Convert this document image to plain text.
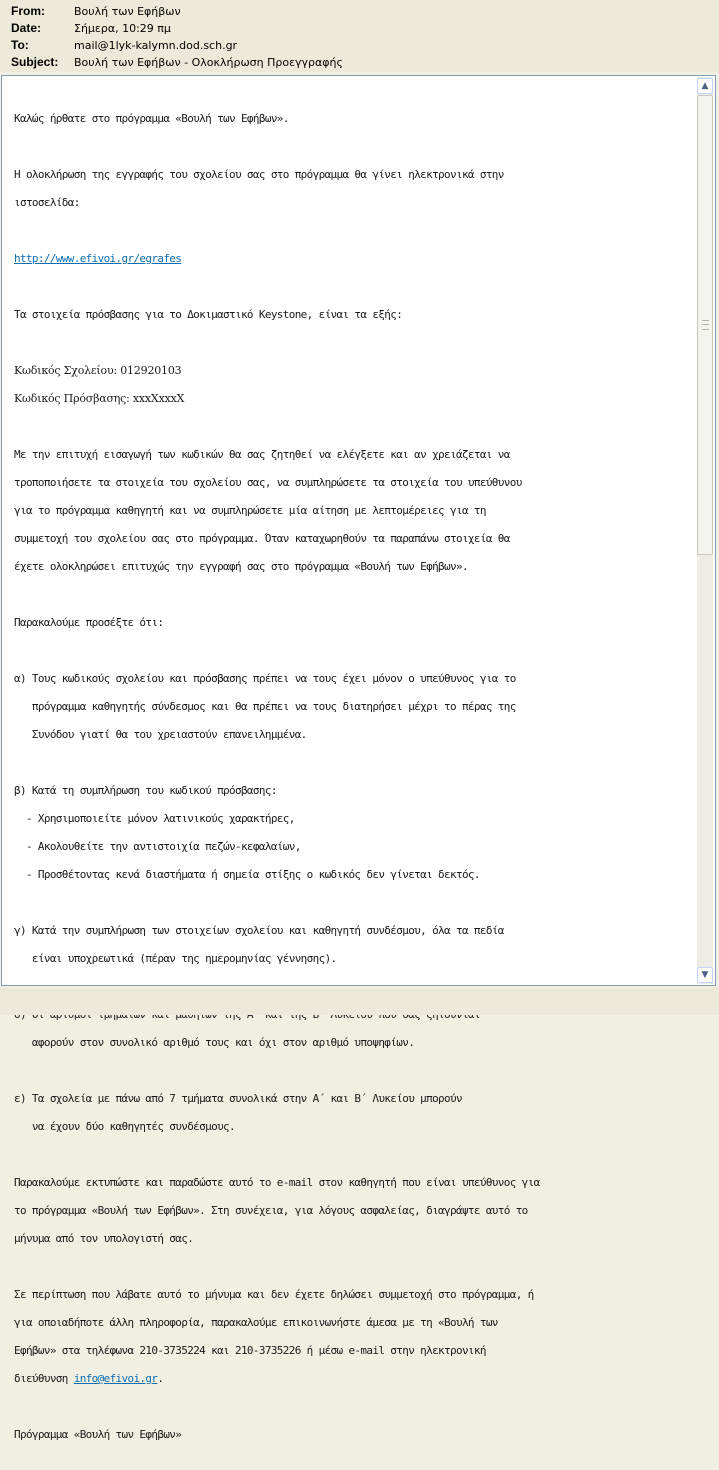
From:	Βουλή των Εφήβων
Date:	Σήμερα, 10:29 πμ
To:	mail@1lyk-kalymn.dod.sch.gr
Subject:	Βουλή των Εφήβων - Ολοκλήρωση Προεγγραφής

Καλώς ήρθατε στο πρόγραμμα «Βουλή των Εφήβων».

Η ολοκλήρωση της εγγραφής του σχολείου σας στο πρόγραμμα θα γίνει ηλεκτρονικά στην

ιστοσελίδα:

http://www.efivoi.gr/egrafes

Τα στοιχεία πρόσβασης για το Δοκιμαστικό Keystone, είναι τα εξής:

Κωδικός Σχολείου: 012920103

Κωδικός Πρόσβασης: xxxXxxxX

Με την επιτυχή εισαγωγή των κωδικών θα σας ζητηθεί να ελέγξετε και αν χρειάζεται να

τροποποιήσετε τα στοιχεία του σχολείου σας, να συμπληρώσετε τα στοιχεία του υπεύθυνου

για το πρόγραμμα καθηγητή και να συμπληρώσετε μία αίτηση με λεπτομέρειες για τη

συμμετοχή του σχολείου σας στο πρόγραμμα. Όταν καταχωρηθούν τα παραπάνω στοιχεία θα

έχετε ολοκληρώσει επιτυχώς την εγγραφή σας στο πρόγραμμα «Βουλή των Εφήβων».

Παρακαλούμε προσέξτε ότι:

α) Τους κωδικούς σχολείου και πρόσβασης πρέπει να τους έχει μόνον ο υπεύθυνος για το

πρόγραμμα καθηγητής σύνδεσμος και θα πρέπει να τους διατηρήσει μέχρι το πέρας της

Συνόδου γιατί θα του χρειαστούν επανειλημμένα.

β) Κατά τη συμπλήρωση του κωδικού πρόσβασης:

- Χρησιμοποιείτε μόνον λατινικούς χαρακτήρες,

- Ακολουθείτε την αντιστοιχία πεζών-κεφαλαίων,

- Προσθέτοντας κενά διαστήματα ή σημεία στίξης ο κωδικός δεν γίνεται δεκτός.

γ) Κατά την συμπλήρωση των στοιχείων σχολείου και καθηγητή συνδέσμου, όλα τα πεδία

είναι υποχρεωτικά (πέραν της ημερομηνίας γέννησης).

αφορούν στον συνολικό αριθμό τους και όχι στον αριθμό υποψηφίων.

ε) Τα σχολεία με πάνω από 7 τμήματα συνολικά στην Α΄ και Β΄ Λυκείου μπορούν

να έχουν δύο καθηγητές συνδέσμους.

Παρακαλούμε εκτυπώστε και παραδώστε αυτό το e-mail στον καθηγητή που είναι υπεύθυνος για

το πρόγραμμα «Βουλή των Εφήβων». Στη συνέχεια, για λόγους ασφαλείας, διαγράψτε αυτό το

μήνυμα από τον υπολογιστή σας.

Σε περίπτωση που λάβατε αυτό το μήνυμα και δεν έχετε δηλώσει συμμετοχή στο πρόγραμμα, ή

για οποιαδήποτε άλλη πληροφορία, παρακαλούμε επικοινωνήστε άμεσα με τη «Βουλή των

Εφήβων» στα τηλέφωνα 210-3735224 και 210-3735226 ή μέσω e-mail στην ηλεκτρονική

διεύθυνση info@efivoi.gr.

Πρόγραμμα «Βουλή των Εφήβων»

▲
▼
